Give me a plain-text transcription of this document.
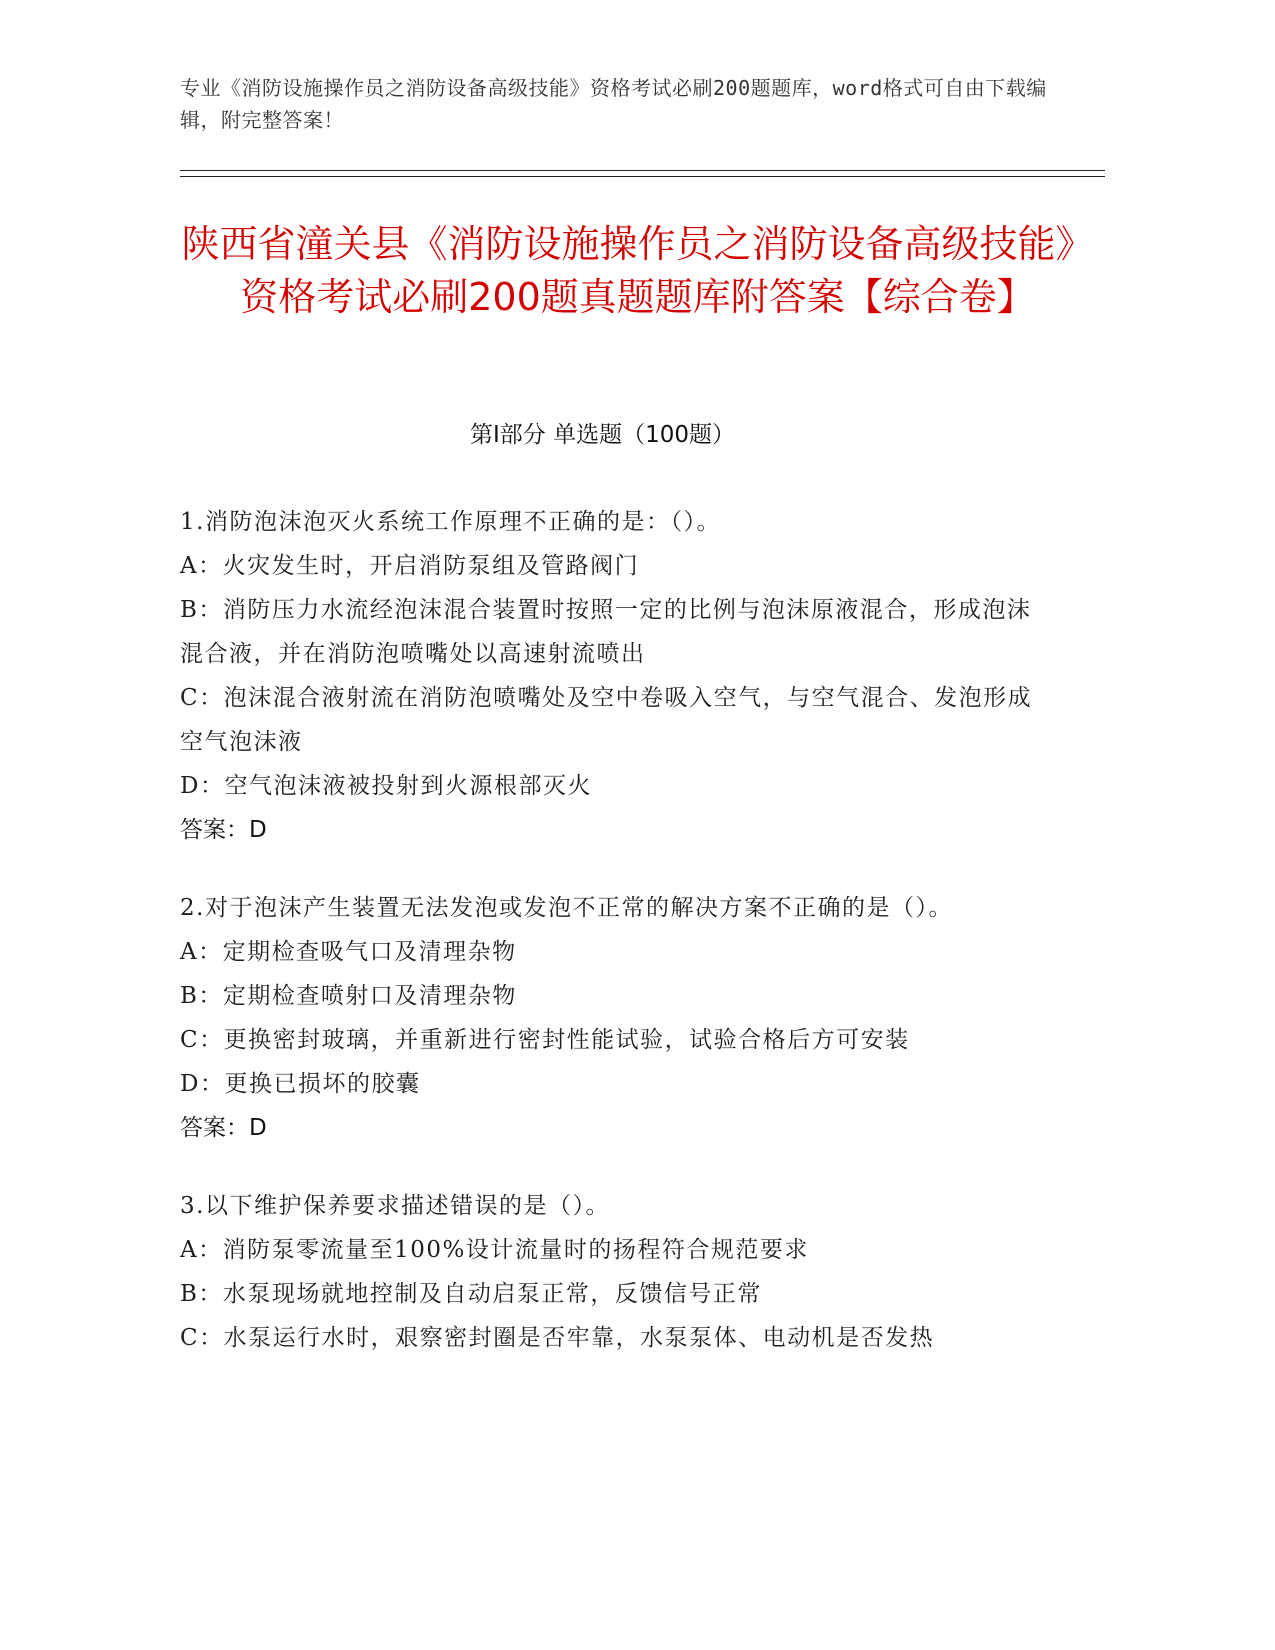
专业《消防设施操作员之消防设备高级技能》资格考试必刷200题题库，word格式可自由下载编辑，附完整答案！
陕西省潼关县《消防设施操作员之消防设备高级技能》资格考试必刷200题真题题库附答案【综合卷】
第I部分 单选题（100题）
1.消防泡沫泡灭火系统工作原理不正确的是：（）。
A：火灾发生时，开启消防泵组及管路阀门
B：消防压力水流经泡沫混合装置时按照一定的比例与泡沫原液混合，形成泡沫混合液，并在消防泡喷嘴处以高速射流喷出
C：泡沫混合液射流在消防泡喷嘴处及空中卷吸入空气，与空气混合、发泡形成空气泡沫液
D：空气泡沫液被投射到火源根部灭火
答案：D
2.对于泡沫产生装置无法发泡或发泡不正常的解决方案不正确的是（）。
A：定期检查吸气口及清理杂物
B：定期检查喷射口及清理杂物
C：更换密封玻璃，并重新进行密封性能试验，试验合格后方可安装
D：更换已损坏的胶囊
答案：D
3.以下维护保养要求描述错误的是（）。
A：消防泵零流量至100%设计流量时的扬程符合规范要求
B：水泵现场就地控制及自动启泵正常，反馈信号正常
C：水泵运行水时，艰察密封圈是否牢靠，水泵泵体、电动机是否发热
